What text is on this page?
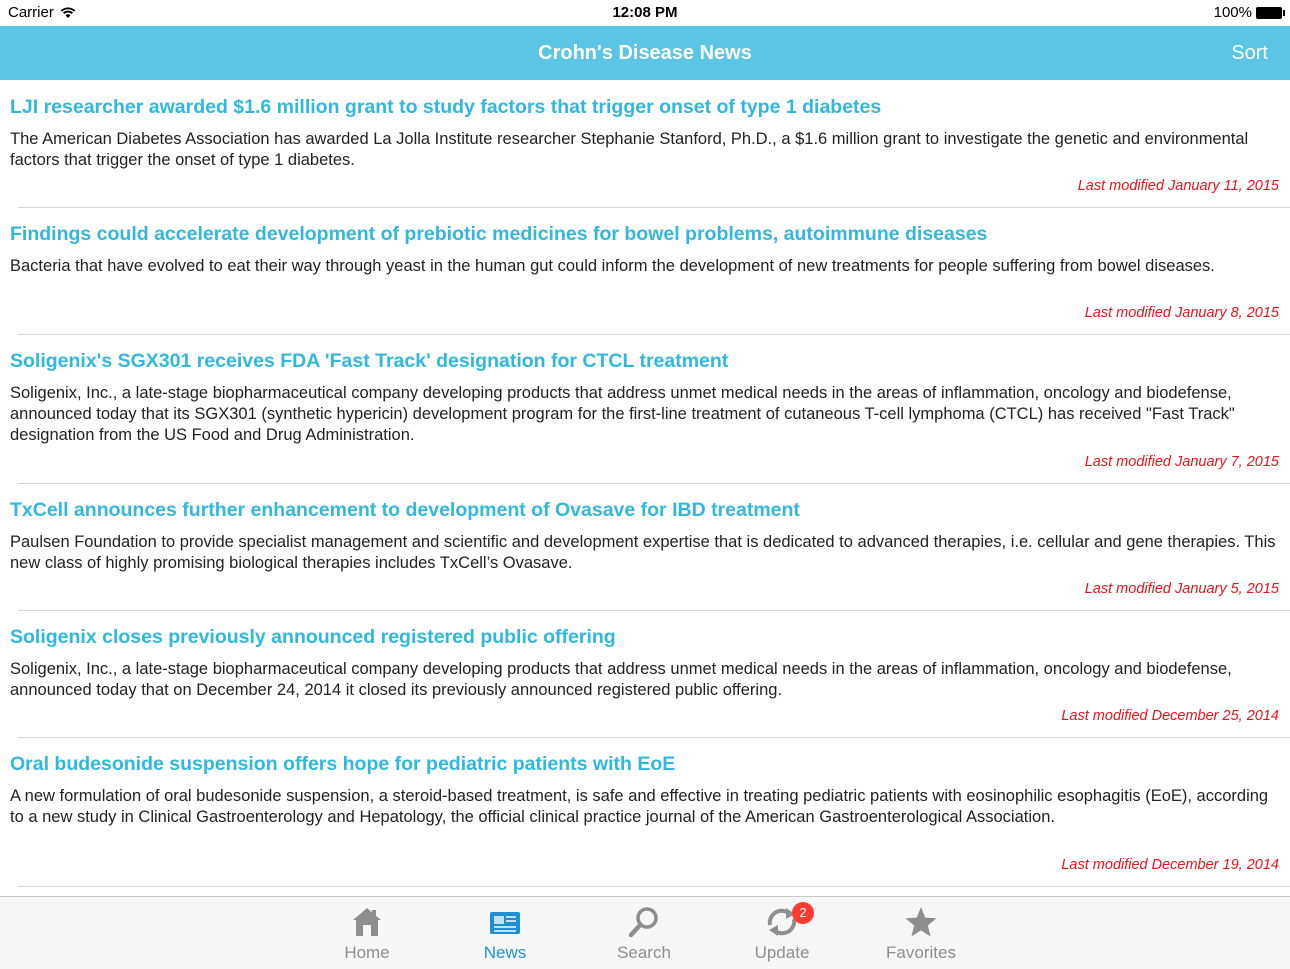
Carrier	12:08 PM	100%
Crohn's Disease News	Sort
LJI researcher awarded $1.6 million grant to study factors that trigger onset of type 1 diabetes
The American Diabetes Association has awarded La Jolla Institute researcher Stephanie Stanford, Ph.D., a $1.6 million grant to investigate the genetic and environmental factors that trigger the onset of type 1 diabetes.
Last modified January 11, 2015
Findings could accelerate development of prebiotic medicines for bowel problems, autoimmune diseases
Bacteria that have evolved to eat their way through yeast in the human gut could inform the development of new treatments for people suffering from bowel diseases.
Last modified January 8, 2015
Soligenix's SGX301 receives FDA 'Fast Track' designation for CTCL treatment
Soligenix, Inc., a late-stage biopharmaceutical company developing products that address unmet medical needs in the areas of inflammation, oncology and biodefense, announced today that its SGX301 (synthetic hypericin) development program for the first-line treatment of cutaneous T-cell lymphoma (CTCL) has received "Fast Track" designation from the US Food and Drug Administration.
Last modified January 7, 2015
TxCell announces further enhancement to development of Ovasave for IBD treatment
Paulsen Foundation to provide specialist management and scientific and development expertise that is dedicated to advanced therapies, i.e. cellular and gene therapies. This new class of highly promising biological therapies includes TxCell’s Ovasave.
Last modified January 5, 2015
Soligenix closes previously announced registered public offering
Soligenix, Inc., a late-stage biopharmaceutical company developing products that address unmet medical needs in the areas of inflammation, oncology and biodefense, announced today that on December 24, 2014 it closed its previously announced registered public offering.
Last modified December 25, 2014
Oral budesonide suspension offers hope for pediatric patients with EoE
A new formulation of oral budesonide suspension, a steroid-based treatment, is safe and effective in treating pediatric patients with eosinophilic esophagitis (EoE), according to a new study in Clinical Gastroenterology and Hepatology, the official clinical practice journal of the American Gastroenterological Association.
Last modified December 19, 2014
Home	News	Search
2
Update	Favorites
